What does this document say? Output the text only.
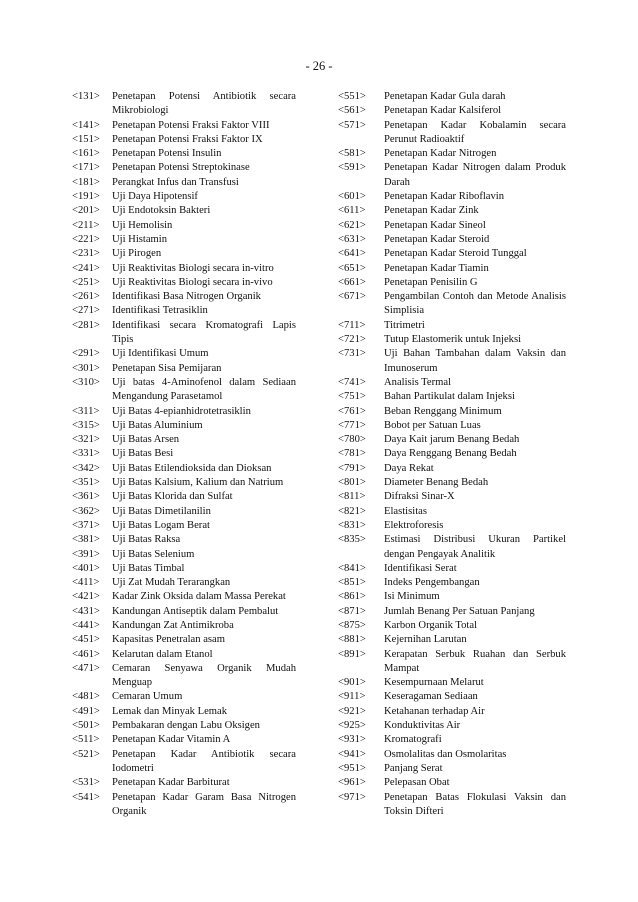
- 26 -
<131>	Penetapan Potensi Antibiotik secara Mikrobiologi
<141>	Penetapan Potensi Fraksi Faktor VIII
<151>	Penetapan Potensi Fraksi Faktor IX
<161>	Penetapan Potensi Insulin
<171>	Penetapan Potensi Streptokinase
<181>	Perangkat Infus dan Transfusi
<191>	Uji Daya Hipotensif
<201>	Uji Endotoksin Bakteri
<211>	Uji Hemolisin
<221>	Uji Histamin
<231>	Uji Pirogen
<241>	Uji Reaktivitas Biologi secara in-vitro
<251>	Uji Reaktivitas Biologi secara in-vivo
<261>	Identifikasi Basa Nitrogen Organik
<271>	Identifikasi Tetrasiklin
<281>	Identifikasi secara Kromatografi Lapis Tipis
<291>	Uji Identifikasi Umum
<301>	Penetapan Sisa Pemijaran
<310>	Uji batas 4-Aminofenol dalam Sediaan Mengandung Parasetamol
<311>	Uji Batas 4-epianhidrotetrasiklin
<315>	Uji Batas Aluminium
<321>	Uji Batas Arsen
<331>	Uji Batas Besi
<342>	Uji Batas Etilendioksida dan Dioksan
<351>	Uji Batas Kalsium, Kalium dan Natrium
<361>	Uji Batas Klorida dan Sulfat
<362>	Uji Batas Dimetilanilin
<371>	Uji Batas Logam Berat
<381>	Uji Batas Raksa
<391>	Uji Batas Selenium
<401>	Uji Batas Timbal
<411>	Uji Zat Mudah Terarangkan
<421>	Kadar Zink Oksida dalam Massa Perekat
<431>	Kandungan Antiseptik dalam Pembalut
<441>	Kandungan Zat Antimikroba
<451>	Kapasitas Penetralan asam
<461>	Kelarutan dalam Etanol
<471>	Cemaran Senyawa Organik Mudah Menguap
<481>	Cemaran Umum
<491>	Lemak dan Minyak Lemak
<501>	Pembakaran dengan Labu Oksigen
<511>	Penetapan Kadar Vitamin A
<521>	Penetapan Kadar Antibiotik secara Iodometri
<531>	Penetapan Kadar Barbiturat
<541>	Penetapan Kadar Garam Basa Nitrogen Organik
<551>	Penetapan Kadar Gula darah
<561>	Penetapan Kadar Kalsiferol
<571>	Penetapan Kadar Kobalamin secara Perunut Radioaktif
<581>	Penetapan Kadar Nitrogen
<591>	Penetapan Kadar Nitrogen dalam Produk Darah
<601>	Penetapan Kadar Riboflavin
<611>	Penetapan Kadar Zink
<621>	Penetapan Kadar Sineol
<631>	Penetapan Kadar Steroid
<641>	Penetapan Kadar Steroid Tunggal
<651>	Penetapan Kadar Tiamin
<661>	Penetapan Penisilin G
<671>	Pengambilan Contoh dan Metode Analisis Simplisia
<711>	Titrimetri
<721>	Tutup Elastomerik untuk Injeksi
<731>	Uji Bahan Tambahan dalam Vaksin dan Imunoserum
<741>	Analisis Termal
<751>	Bahan Partikulat dalam Injeksi
<761>	Beban Renggang Minimum
<771>	Bobot per Satuan Luas
<780>	Daya Kait jarum Benang Bedah
<781>	Daya Renggang Benang Bedah
<791>	Daya Rekat
<801>	Diameter Benang Bedah
<811>	Difraksi Sinar-X
<821>	Elastisitas
<831>	Elektroforesis
<835>	Estimasi Distribusi Ukuran Partikel dengan Pengayak Analitik
<841>	Identifikasi Serat
<851>	Indeks Pengembangan
<861>	Isi Minimum
<871>	Jumlah Benang Per Satuan Panjang
<875>	Karbon Organik Total
<881>	Kejernihan Larutan
<891>	Kerapatan Serbuk Ruahan dan Serbuk Mampat
<901>	Kesempurnaan Melarut
<911>	Keseragaman Sediaan
<921>	Ketahanan terhadap Air
<925>	Konduktivitas Air
<931>	Kromatografi
<941>	Osmolalitas dan Osmolaritas
<951>	Panjang Serat
<961>	Pelepasan Obat
<971>	Penetapan Batas Flokulasi Vaksin dan Toksin Difteri
